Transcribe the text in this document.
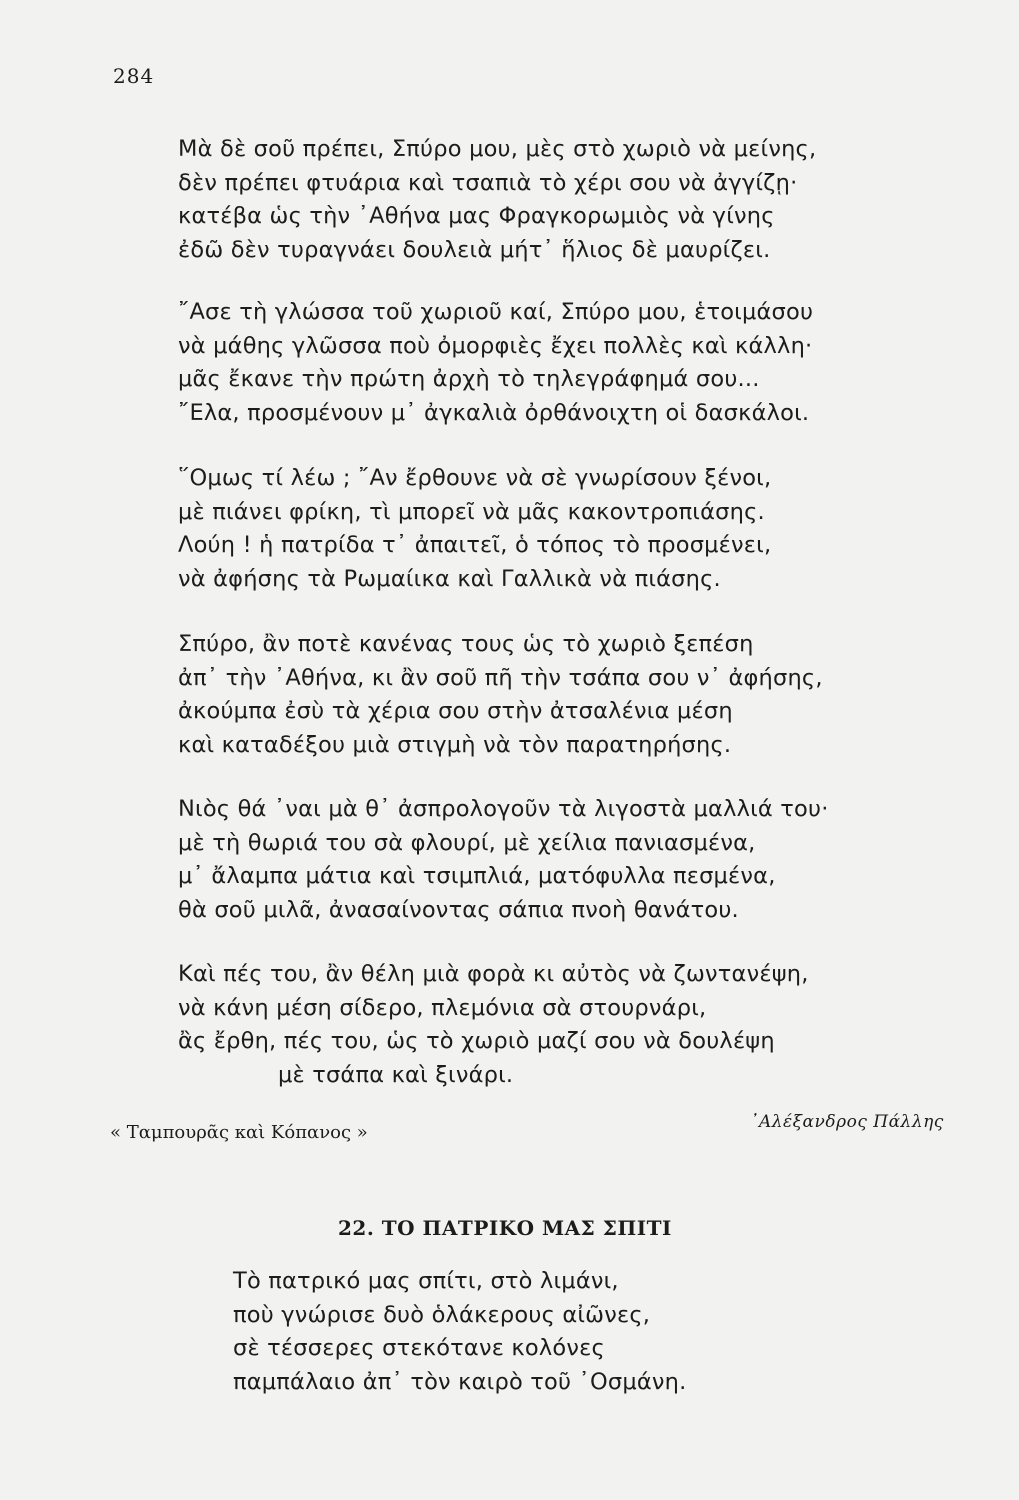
284
Μὰ δὲ σοῦ πρέπει, Σπύρο μου, μὲς στὸ χωριὸ νὰ μείνης,
δὲν πρέπει φτυάρια καὶ τσαπιὰ τὸ χέρι σου νὰ ἀγγίζῃ·
κατέβα ὡς τὴν ᾿Αθήνα μας Φραγκορωμιὸς νὰ γίνης
ἐδῶ δὲν τυραγνάει δουλειὰ μήτ᾿ ἥλιος δὲ μαυρίζει.
῎Ασε τὴ γλώσσα τοῦ χωριοῦ καί, Σπύρο μου, ἑτοιμάσου
νὰ μάθης γλῶσσα ποὺ ὀμορφιὲς ἔχει πολλὲς καὶ κάλλη·
μᾶς ἔκανε τὴν πρώτη ἀρχὴ τὸ τηλεγράφημά σου...
῎Ελα, προσμένουν μ᾿ ἀγκαλιὰ ὀρθάνοιχτη οἱ δασκάλοι.
῞Ομως τί λέω ; ῎Αν ἔρθουνε νὰ σὲ γνωρίσουν ξένοι,
μὲ πιάνει φρίκη, τὶ μπορεῖ νὰ μᾶς κακοντροπιάσης.
Λούη ! ἡ πατρίδα τ᾿ ἀπαιτεῖ, ὁ τόπος τὸ προσμένει,
νὰ ἀφήσης τὰ Ρωμαίικα καὶ Γαλλικὰ νὰ πιάσης.
Σπύρο, ἂν ποτὲ κανένας τους ὡς τὸ χωριὸ ξεπέση
ἀπ᾿ τὴν ᾿Αθήνα, κι ἂν σοῦ πῆ τὴν τσάπα σου ν᾿ ἀφήσης,
ἀκούμπα ἐσὺ τὰ χέρια σου στὴν ἀτσαλένια μέση
καὶ καταδέξου μιὰ στιγμὴ νὰ τὸν παρατηρήσης.
Νιὸς θά ᾿ναι μὰ θ᾿ ἀσπρολογοῦν τὰ λιγοστὰ μαλλιά του·
μὲ τὴ θωριά του σὰ φλουρί, μὲ χείλια πανιασμένα,
μ᾿ ἄλαμπα μάτια καὶ τσιμπλιά, ματόφυλλα πεσμένα,
θὰ σοῦ μιλᾶ, ἀνασαίνοντας σάπια πνοὴ θανάτου.
Καὶ πές του, ἂν θέλη μιὰ φορὰ κι αὐτὸς νὰ ζωντανέψη,
νὰ κάνη μέση σίδερο, πλεμόνια σὰ στουρνάρι,
ἂς ἔρθη, πές του, ὡς τὸ χωριὸ μαζί σου νὰ δουλέψη
μὲ τσάπα καὶ ξινάρι.
« Ταμπουρᾶς καὶ Κόπανος »	᾿Αλέξανδρος Πάλλης
22. ΤΟ ΠΑΤΡΙΚΟ ΜΑΣ ΣΠΙΤΙ
Τὸ πατρικό μας σπίτι, στὸ λιμάνι,
ποὺ γνώρισε δυὸ ὁλάκερους αἰῶνες,
σὲ τέσσερες στεκότανε κολόνες
παμπάλαιο ἀπ᾿ τὸν καιρὸ τοῦ ᾿Οσμάνη.
